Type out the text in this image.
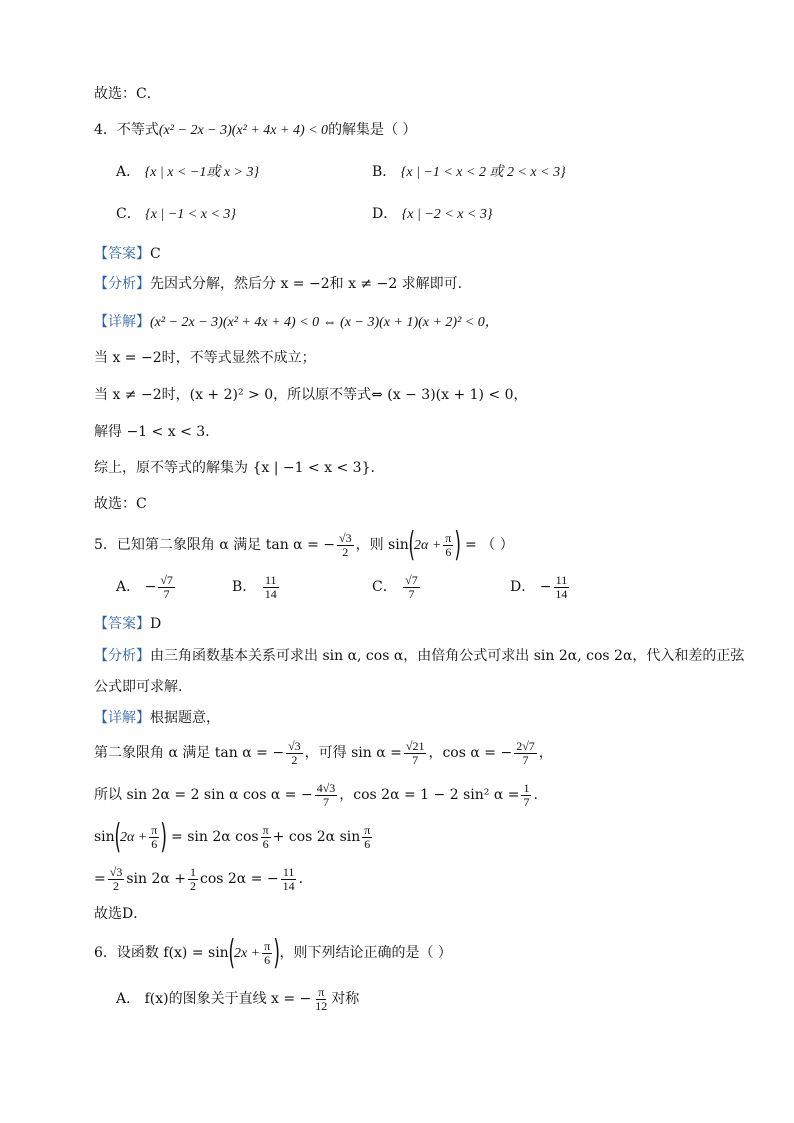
故选：C．
4．不等式(x² − 2x − 3)(x² + 4x + 4) < 0的解集是（ ）
A． {x | x < −1或 x > 3}	B． {x | −1 < x < 2 或 2 < x < 3}
C． {x | −1 < x < 3}	D． {x | −2 < x < 3}
【答案】C
【分析】先因式分解，然后分 x = −2和 x ≠ −2 求解即可.
【详解】(x² − 2x − 3)(x² + 4x + 4) < 0 ⇔ (x − 3)(x + 1)(x + 2)² < 0，
当 x = −2时，不等式显然不成立；
当 x ≠ −2时，(x + 2)² > 0，所以原不等式⇔ (x − 3)(x + 1) < 0，
解得 −1 < x < 3.
综上，原不等式的解集为 {x | −1 < x < 3}.
故选：C
5．已知第二象限角 α 满足 tan α = − $\frac{√3}{2}$ ，则 $\sin(2\alpha + \frac{\pi}{6}$ ) = （ ）
A． − $\frac{√7}{7}$	B． $\frac{11}{14}$	C． $\frac{√7}{7}$	D． − $\frac{11}{14}$
【答案】D
【分析】由三角函数基本关系可求出 sin α, cos α，由倍角公式可求出 sin 2α, cos 2α，代入和差的正弦
公式即可求解.
【详解】根据题意，
第二象限角 α 满足 tan α = − $\frac{√3}{2}$ ，可得 $\sin \alpha = \frac{√21}{7}$ ，cos α = − $\frac{2√7}{7}$ ，
所以 sin 2α = 2 sin α cos α = − $\frac{4√3}{7}$ ，cos 2α = 1 − 2 sin² $\alpha = \frac{1}{7}$ .
$\sin(2\alpha + \frac{\pi}{6}$ ) = sin 2α $\cos \frac{\pi}{6} + \cos 2\alpha$ $\sin \frac{\pi}{6}$
= $\frac{√3}{2}$ $\sin 2\alpha + \frac{1}{2}$ cos 2α = − $\frac{11}{14}$ .
故选D．
6．设函数 $f(x) = \sin(2x + \frac{\pi}{6}$ )，则下列结论正确的是（ ）
A． f(x)的图象关于直线 x = − $\frac{\pi}{12}$ 对称
